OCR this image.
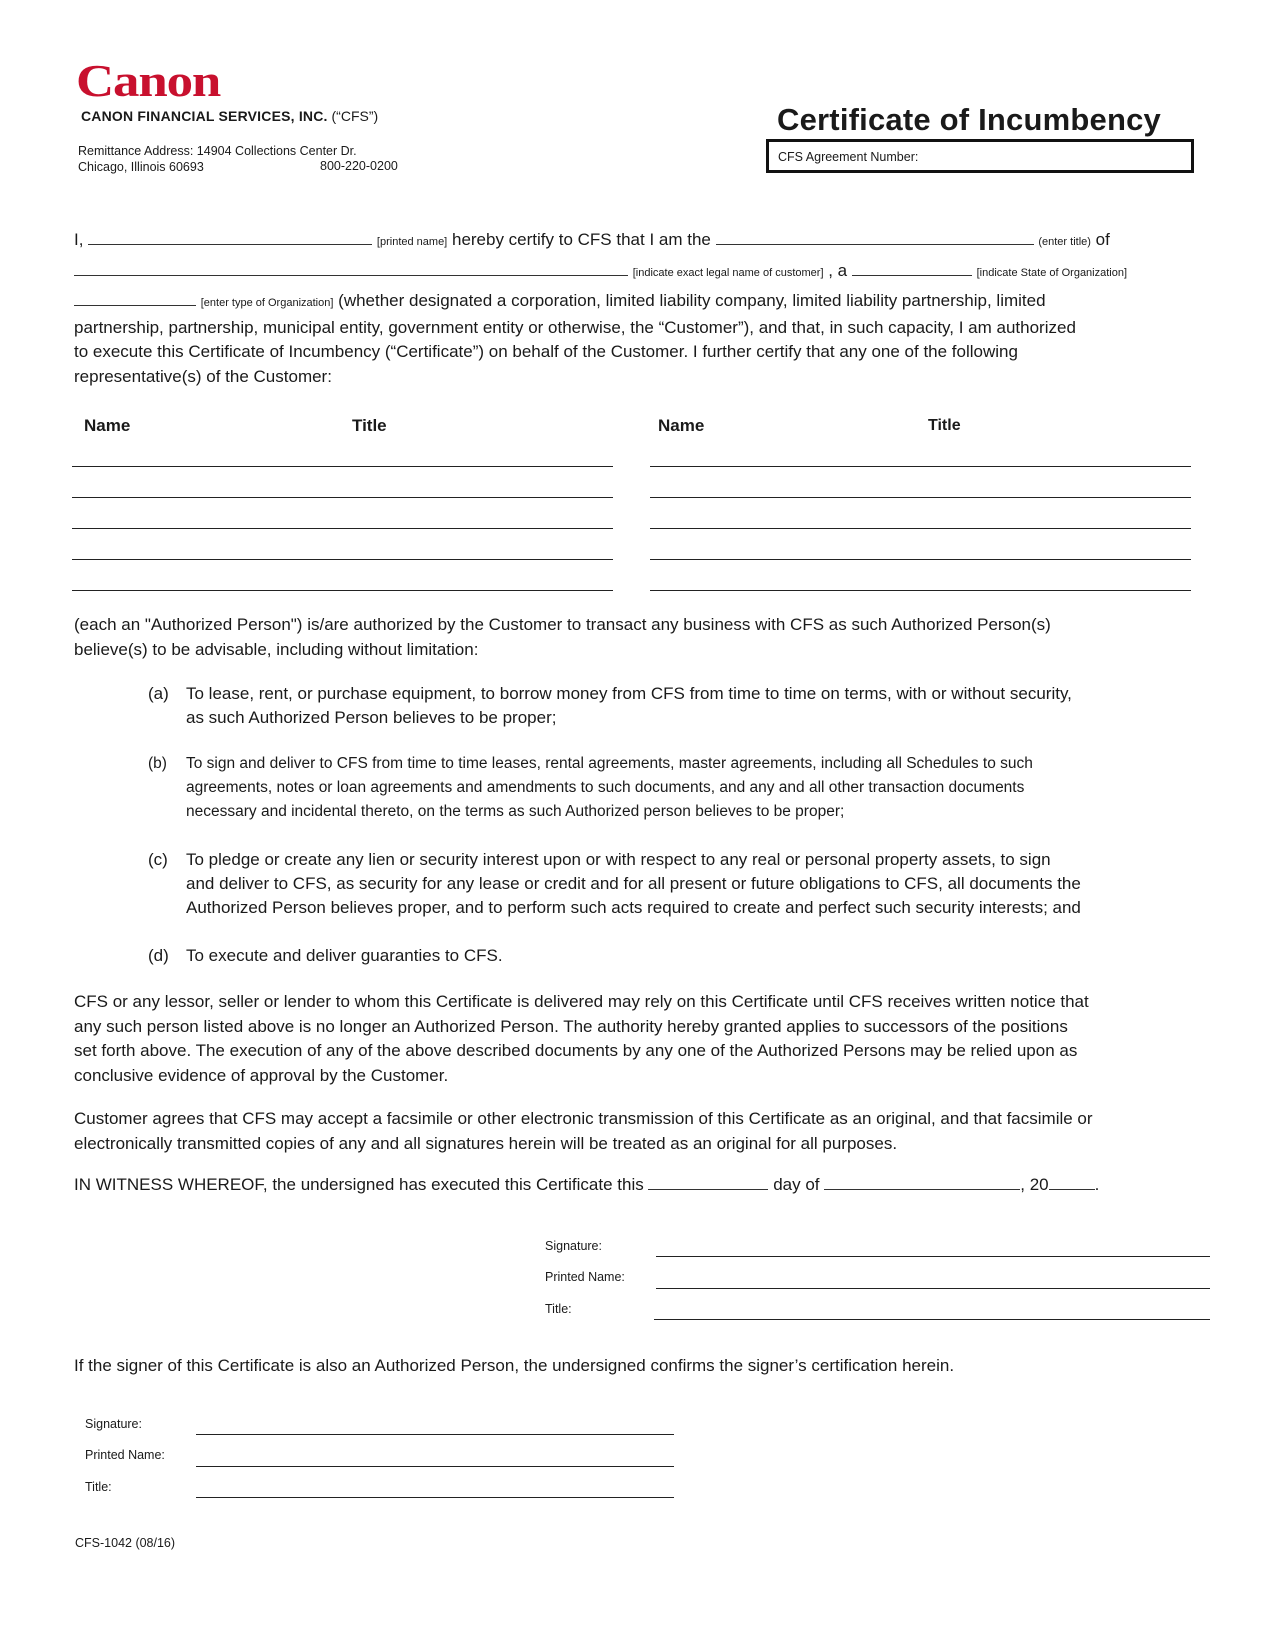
Canon
CANON FINANCIAL SERVICES, INC. (“CFS”)
Remittance Address: 14904 Collections Center Dr.
Chicago, Illinois 60693	800-220-0200
Certificate of Incumbency
CFS Agreement Number:
I,	[printed name] hereby certify to CFS that I am the	(enter title) of
[indicate exact legal name of customer] , a	[indicate State of Organization]
[enter type of Organization] (whether designated a corporation, limited liability company, limited liability partnership, limited
partnership, partnership, municipal entity, government entity or otherwise, the “Customer”), and that, in such capacity, I am authorized
to execute this Certificate of Incumbency (“Certificate”) on behalf of the Customer. I further certify that any one of the following
representative(s) of the Customer:
Name	Title	Name	Title
(each an "Authorized Person") is/are authorized by the Customer to transact any business with CFS as such Authorized Person(s)
believe(s) to be advisable, including without limitation:
(a) To lease, rent, or purchase equipment, to borrow money from CFS from time to time on terms, with or without security,
as such Authorized Person believes to be proper;
(b) To sign and deliver to CFS from time to time leases, rental agreements, master agreements, including all Schedules to such
agreements, notes or loan agreements and amendments to such documents, and any and all other transaction documents
necessary and incidental thereto, on the terms as such Authorized person believes to be proper;
(c) To pledge or create any lien or security interest upon or with respect to any real or personal property assets, to sign
and deliver to CFS, as security for any lease or credit and for all present or future obligations to CFS, all documents the
Authorized Person believes proper, and to perform such acts required to create and perfect such security interests; and
(d) To execute and deliver guaranties to CFS.
CFS or any lessor, seller or lender to whom this Certificate is delivered may rely on this Certificate until CFS receives written notice that
any such person listed above is no longer an Authorized Person. The authority hereby granted applies to successors of the positions
set forth above. The execution of any of the above described documents by any one of the Authorized Persons may be relied upon as
conclusive evidence of approval by the Customer.
Customer agrees that CFS may accept a facsimile or other electronic transmission of this Certificate as an original, and that facsimile or
electronically transmitted copies of any and all signatures herein will be treated as an original for all purposes.
IN WITNESS WHEREOF, the undersigned has executed this Certificate this	day of	, 20	.
Signature:
Printed Name:
Title:
If the signer of this Certificate is also an Authorized Person, the undersigned confirms the signer’s certification herein.
Signature:
Printed Name:
Title:
CFS-1042 (08/16)
